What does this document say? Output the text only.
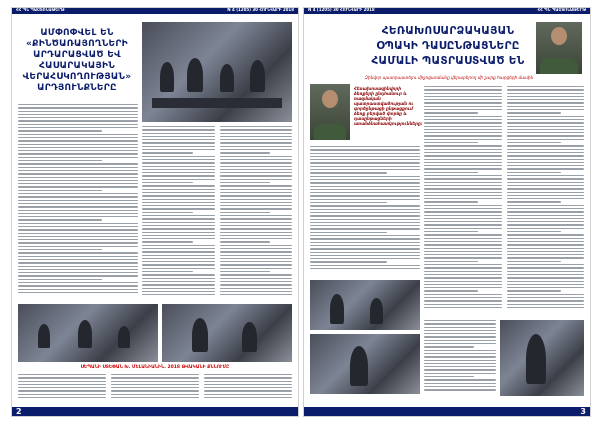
ՀՀ ՊՆ ՊԱՇՏՈՆԱԹԵՐԹ	N 4 (1205) 30 ՀՈՒՆՎԱՐԻ 2018
ԱՄՓՈՓՎԵԼ ԵՆ
«ՔԻՆԾԱՌԱՅՈՂՆԵՐԻ
ԱՐԴԱՐԱՑՎԱԾ ԵՎ
ՀԱՍԱՐԱԿԱՅԻՆ
ՎԵՐԱՀՍԿՈՂՈՒԹՅԱՆ»
ԱՐԴՅՈՒՆՔՆԵՐԸ
ՍԵՊԱՆԻ ՍՏԵՓԱՆ Խ. ՄԵԼԱՆԻԱՆԻՆ. 2018 ԹՎԱԿԱՆԻ ՔՆՆՈՒՄԸ
2
N 4 (1205) 30 ՀՈՒՆՎԱՐԻ 2018	ՀՀ ՊՆ ՊԱՇՏՈՆԱԹԵՐԹ
ՀԵՌԱԽՈՍԱՐՁԱԿԱՅԱՆ
ՕՊԱԿԻ ԴԱՍԸՆԹԱՑՆԵՐԸ
ՀԱՄԱԼԻ ՊԱՏՐԱՍՏՎԱԾ ԵՆ
Զինվոր պատրաստելու միջոցառմանը վերաբերող մի շարք հարցերի մասին
Հեռախոսազինվորի ձեռքերի ընդհանուր և ռազմական պատրաստվածության ու գործընթացի ընթացքում ձեռք բերված փորձը և դասընթացների առանձնահատկությունները։
3
